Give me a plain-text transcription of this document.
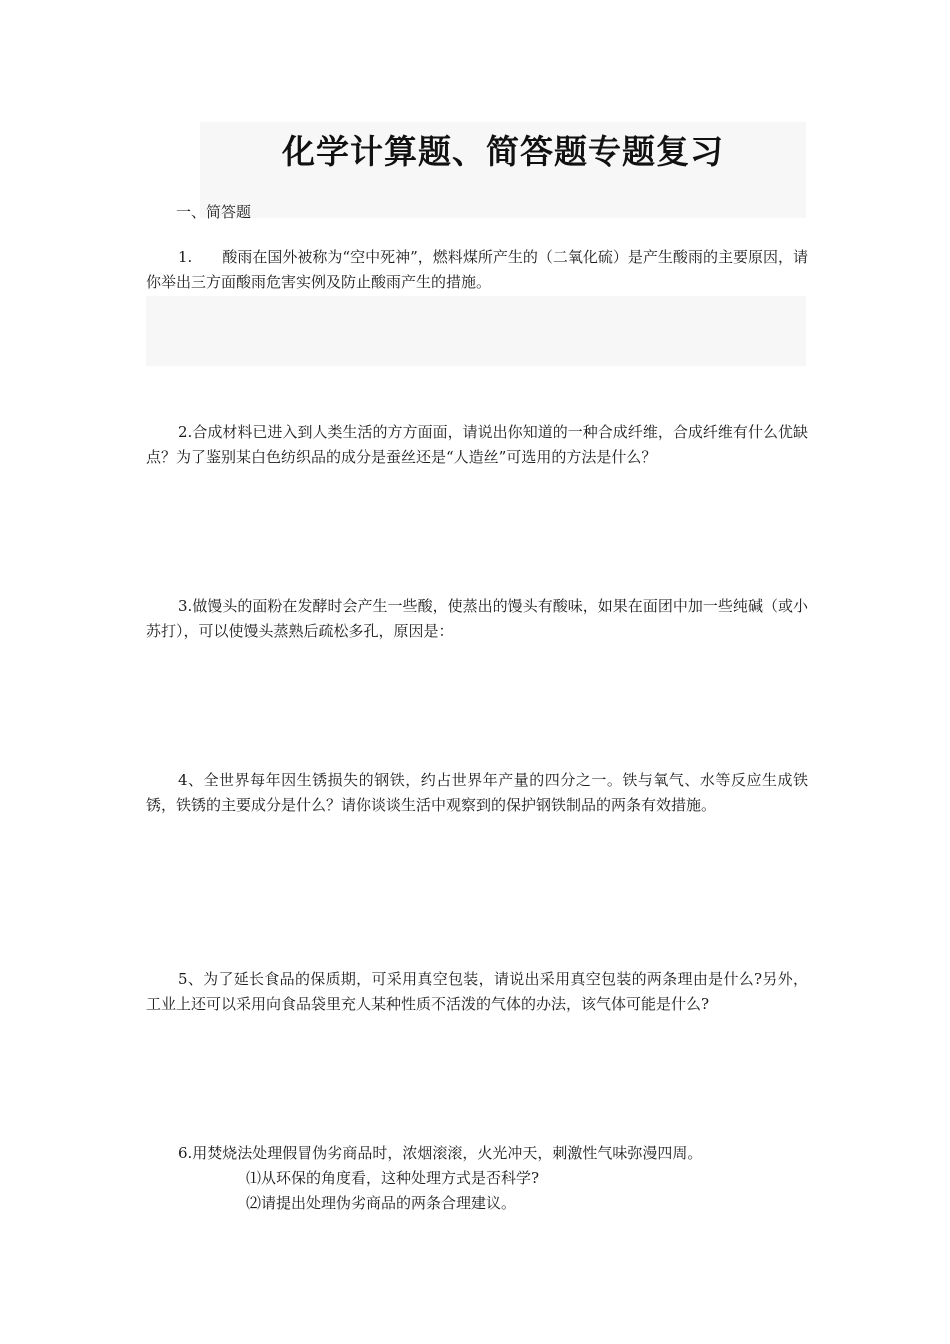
化学计算题、简答题专题复习
一、简答题

1.　　酸雨在国外被称为“空中死神”，燃料煤所产生的（二氧化硫）是产生酸雨的主要原因，请你举出三方面酸雨危害实例及防止酸雨产生的措施。

2.合成材料已进入到人类生活的方方面面，请说出你知道的一种合成纤维，合成纤维有什么优缺点？为了鉴别某白色纺织品的成分是蚕丝还是“人造丝”可选用的方法是什么？

3.做馒头的面粉在发酵时会产生一些酸，使蒸出的馒头有酸味，如果在面团中加一些纯碱（或小苏打），可以使馒头蒸熟后疏松多孔，原因是：

4、全世界每年因生锈损失的钢铁，约占世界年产量的四分之一。铁与氧气、水等反应生成铁锈，铁锈的主要成分是什么？请你谈谈生活中观察到的保护钢铁制品的两条有效措施。

5、为了延长食品的保质期，可采用真空包装，请说出采用真空包装的两条理由是什么?另外，工业上还可以采用向食品袋里充人某种性质不活泼的气体的办法，该气体可能是什么?

6.用焚烧法处理假冒伪劣商品时，浓烟滚滚，火光冲天，刺激性气味弥漫四周。

⑴从环保的角度看，这种处理方式是否科学?

⑵请提出处理伪劣商品的两条合理建议。
